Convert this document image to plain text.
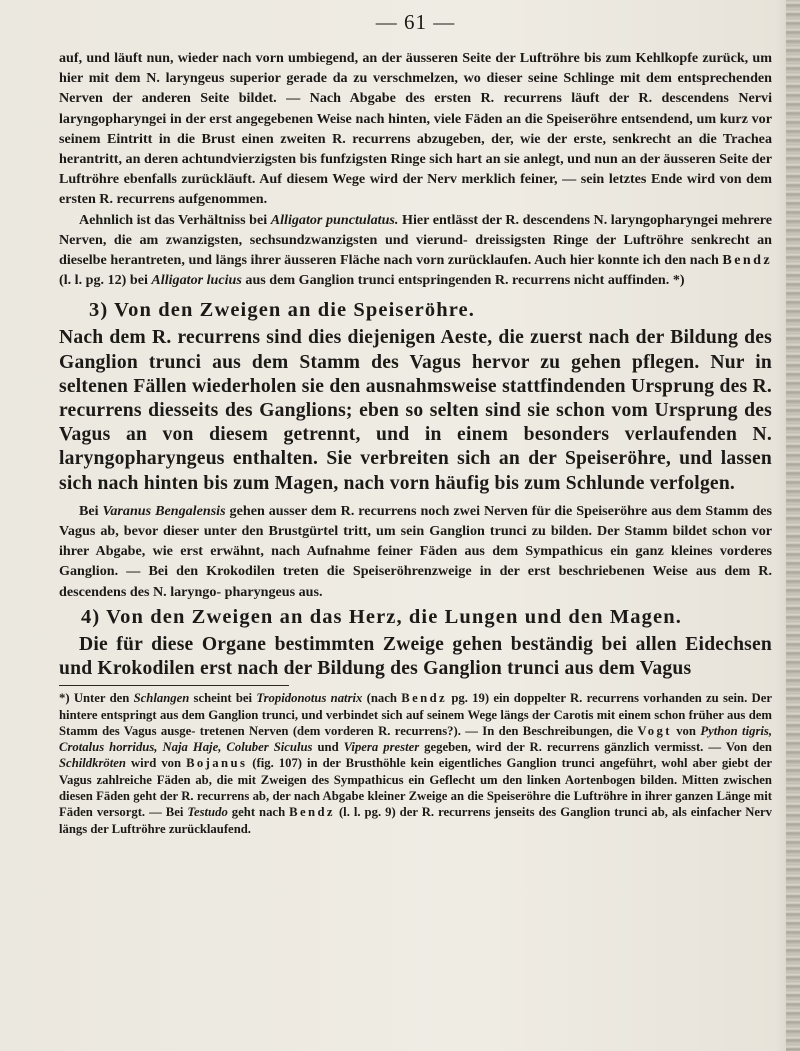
— 61 —

auf, und läuft nun, wieder nach vorn umbiegend, an der äusseren Seite der Luftröhre bis zum Kehlkopfe zurück, um hier mit dem N. laryngeus superior gerade da zu verschmelzen, wo dieser seine Schlinge mit dem entsprechenden Nerven der anderen Seite bildet. — Nach Abgabe des ersten R. recurrens läuft der R. descendens Nervi laryngopharyngei in der erst angegebenen Weise nach hinten, viele Fäden an die Speiseröhre entsendend, um kurz vor seinem Eintritt in die Brust einen zweiten R. recurrens abzugeben, der, wie der erste, senkrecht an die Trachea herantritt, an deren achtundvierzigsten bis funfzigsten Ringe sich hart an sie anlegt, und nun an der äusseren Seite der Luftröhre ebenfalls zurückläuft. Auf diesem Wege wird der Nerv merklich feiner, — sein letztes Ende wird von dem ersten R. recurrens aufgenommen.

Aehnlich ist das Verhältniss bei Alligator punctulatus. Hier entlässt der R. descendens N. laryngopharyngei mehrere Nerven, die am zwanzigsten, sechsundzwanzigsten und vierund- dreissigsten Ringe der Luftröhre senkrecht an dieselbe herantreten, und längs ihrer äusseren Fläche nach vorn zurücklaufen. Auch hier konnte ich den nach Bendz (l. l. pg. 12) bei Alligator lucius aus dem Ganglion trunci entspringenden R. recurrens nicht auffinden. *)

3) Von den Zweigen an die Speiseröhre.

Nach dem R. recurrens sind dies diejenigen Aeste, die zuerst nach der Bildung des Ganglion trunci aus dem Stamm des Vagus hervor zu gehen pflegen. Nur in seltenen Fällen wiederholen sie den ausnahmsweise stattfindenden Ursprung des R. recurrens diesseits des Ganglions; eben so selten sind sie schon vom Ursprung des Vagus an von diesem getrennt, und in einem besonders verlaufenden N. laryngopharyngeus enthalten. Sie verbreiten sich an der Speiseröhre, und lassen sich nach hinten bis zum Magen, nach vorn häufig bis zum Schlunde verfolgen.

Bei Varanus Bengalensis gehen ausser dem R. recurrens noch zwei Nerven für die Speiseröhre aus dem Stamm des Vagus ab, bevor dieser unter den Brustgürtel tritt, um sein Ganglion trunci zu bilden. Der Stamm bildet schon vor ihrer Abgabe, wie erst erwähnt, nach Aufnahme feiner Fäden aus dem Sympathicus ein ganz kleines vorderes Ganglion. — Bei den Krokodilen treten die Speiseröhrenzweige in der erst beschriebenen Weise aus dem R. descendens des N. laryngo- pharyngeus aus.

4) Von den Zweigen an das Herz, die Lungen und den Magen.

Die für diese Organe bestimmten Zweige gehen beständig bei allen Eidechsen und Krokodilen erst nach der Bildung des Ganglion trunci aus dem Vagus

*) Unter den Schlangen scheint bei Tropidonotus natrix (nach Bendz pg. 19) ein doppelter R. recurrens vorhanden zu sein. Der hintere entspringt aus dem Ganglion trunci, und verbindet sich auf seinem Wege längs der Carotis mit einem schon früher aus dem Stamm des Vagus ausge- tretenen Nerven (dem vorderen R. recurrens?). — In den Beschreibungen, die Vogt von Python tigris, Crotalus horridus, Naja Haje, Coluber Siculus und Vipera prester gegeben, wird der R. recurrens gänzlich vermisst. — Von den Schildkröten wird von Bojanus (fig. 107) in der Brusthöhle kein eigentliches Ganglion trunci angeführt, wohl aber giebt der Vagus zahlreiche Fäden ab, die mit Zweigen des Sympathicus ein Geflecht um den linken Aortenbogen bilden. Mitten zwischen diesen Fäden geht der R. recurrens ab, der nach Abgabe kleiner Zweige an die Speiseröhre die Luftröhre in ihrer ganzen Länge mit Fäden versorgt. — Bei Testudo geht nach Bendz (l. l. pg. 9) der R. recurrens jenseits des Ganglion trunci ab, als einfacher Nerv längs der Luftröhre zurücklaufend.
